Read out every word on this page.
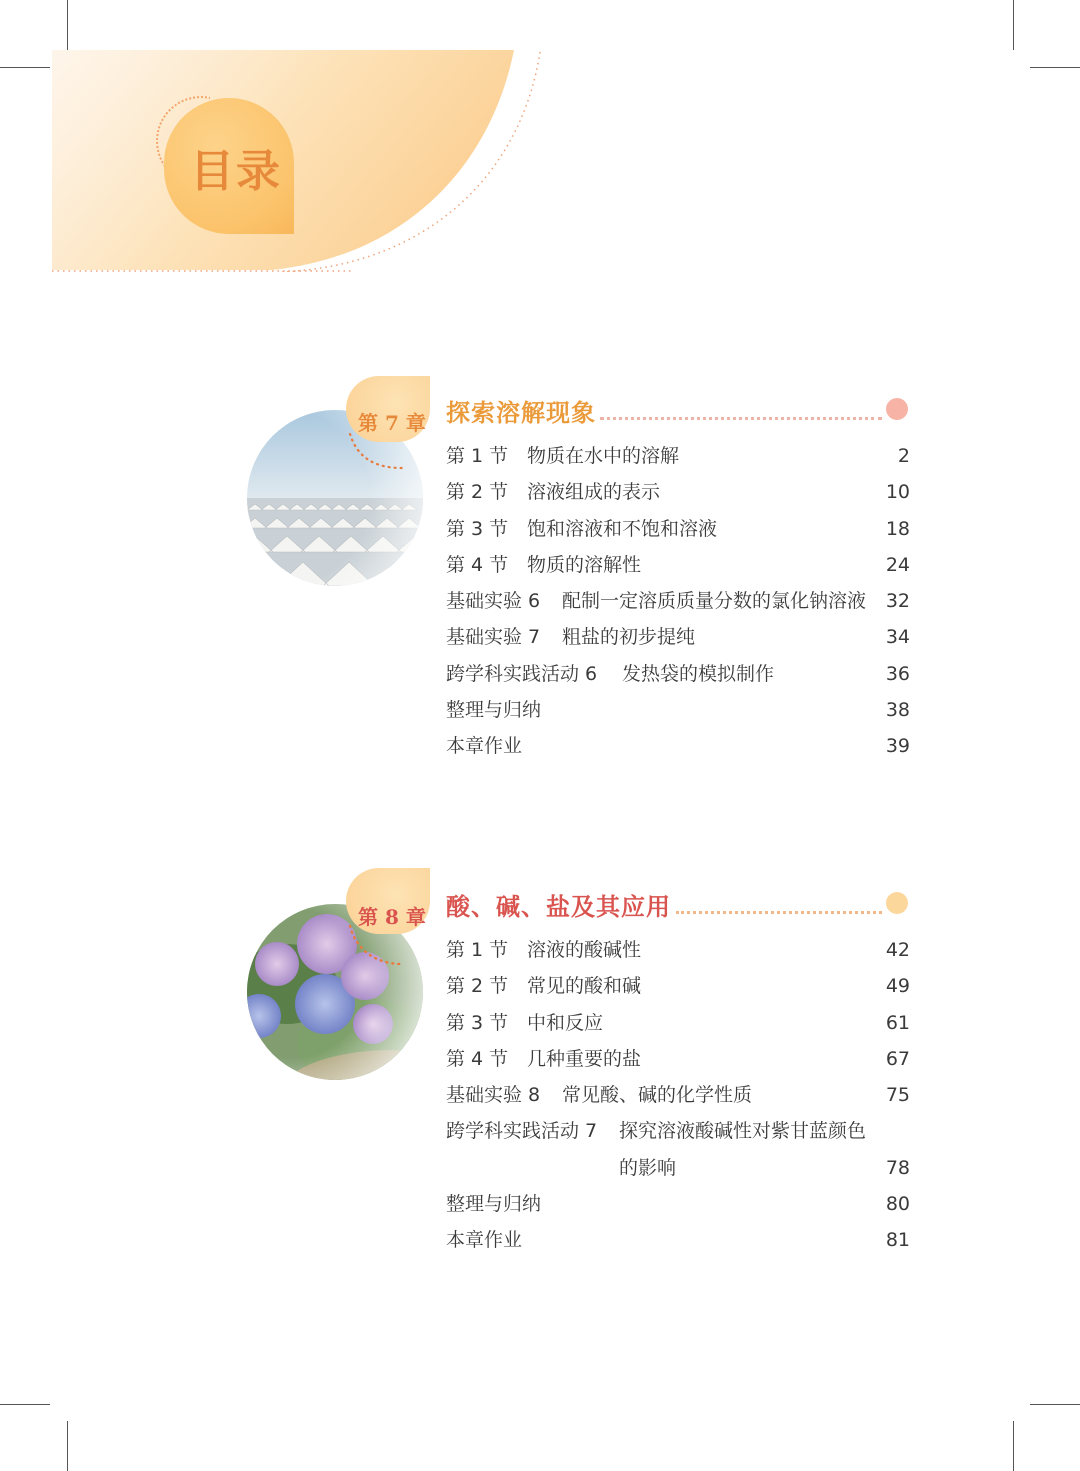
目录
第 7 章 探索溶解现象
第 1 节 物质在水中的溶解	2
第 2 节 溶液组成的表示	10
第 3 节 饱和溶液和不饱和溶液	18
第 4 节 物质的溶解性	24
基础实验 6 配制一定溶质质量分数的氯化钠溶液 32
基础实验 7 粗盐的初步提纯	34
跨学科实践活动 6 发热袋的模拟制作	36
整理与归纳	38
本章作业	39
第 8 章 酸、碱、盐及其应用
第 1 节 溶液的酸碱性	42
第 2 节 常见的酸和碱	49
第 3 节 中和反应	61
第 4 节 几种重要的盐	67
基础实验 8 常见酸、碱的化学性质	75
跨学科实践活动 7 探究溶液酸碱性对紫甘蓝颜色
的影响	78
整理与归纳	80
本章作业	81
